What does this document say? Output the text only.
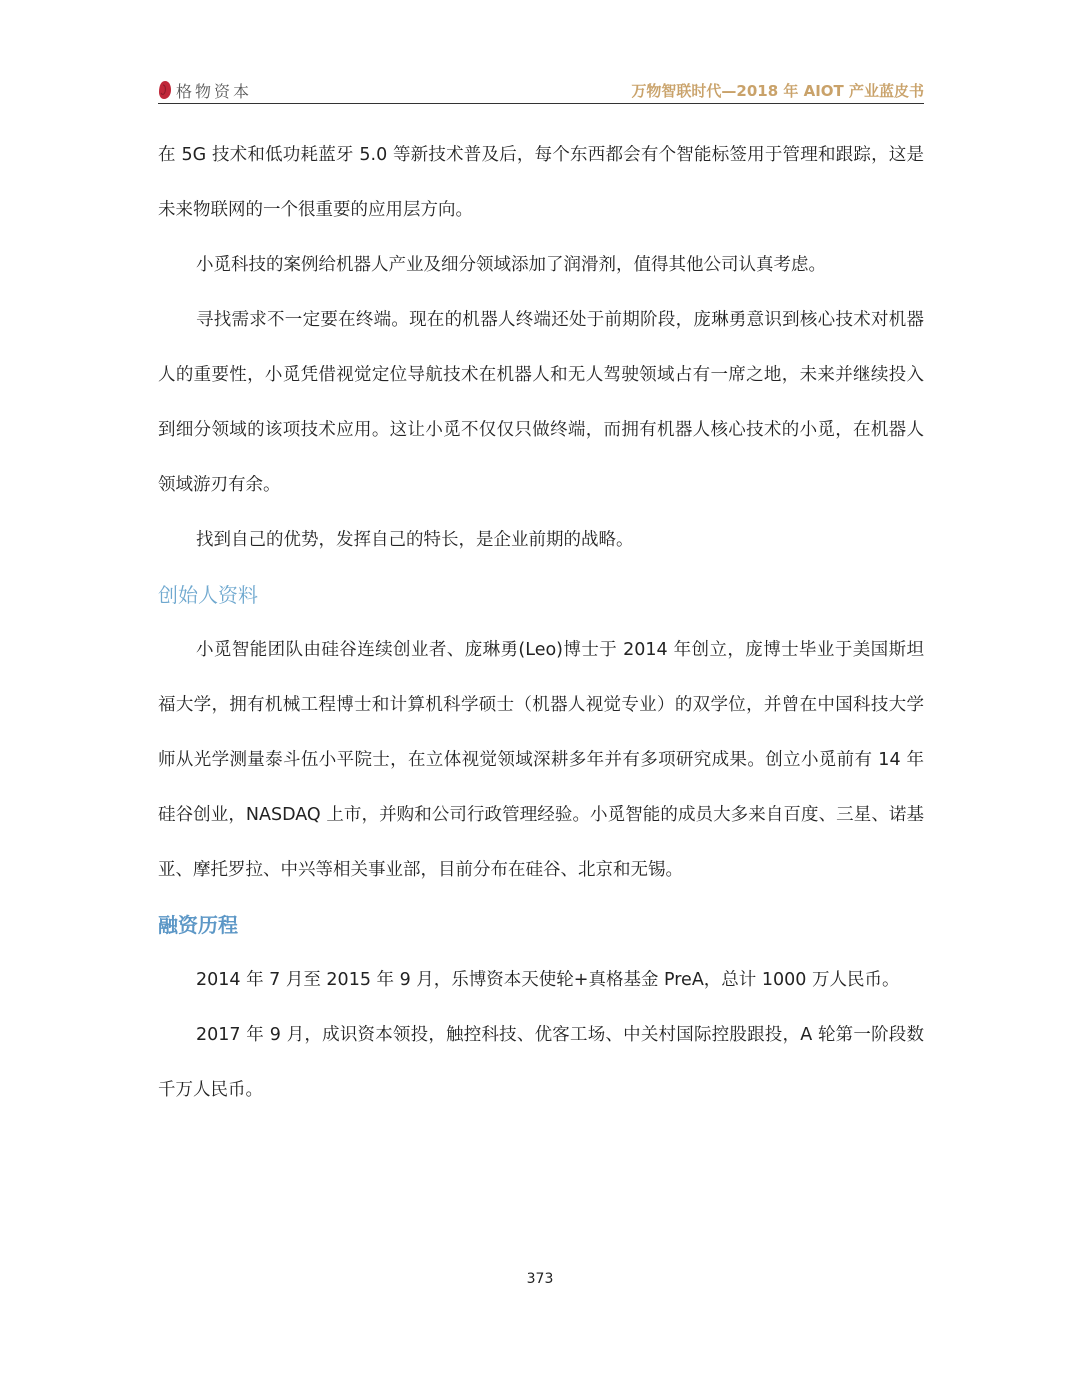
格物资本	万物智联时代—2018 年 AIOT 产业蓝皮书

在 5G 技术和低功耗蓝牙 5.0 等新技术普及后，每个东西都会有个智能标签用于管理和跟踪，这是未来物联网的一个很重要的应用层方向。

小觅科技的案例给机器人产业及细分领域添加了润滑剂，值得其他公司认真考虑。

寻找需求不一定要在终端。现在的机器人终端还处于前期阶段，庞琳勇意识到核心技术对机器人的重要性，小觅凭借视觉定位导航技术在机器人和无人驾驶领域占有一席之地，未来并继续投入到细分领域的该项技术应用。这让小觅不仅仅只做终端，而拥有机器人核心技术的小觅，在机器人领域游刃有余。

找到自己的优势，发挥自己的特长，是企业前期的战略。

创始人资料

小觅智能团队由硅谷连续创业者、庞琳勇(Leo)博士于 2014 年创立，庞博士毕业于美国斯坦福大学，拥有机械工程博士和计算机科学硕士（机器人视觉专业）的双学位，并曾在中国科技大学师从光学测量泰斗伍小平院士，在立体视觉领域深耕多年并有多项研究成果。创立小觅前有 14 年硅谷创业，NASDAQ 上市，并购和公司行政管理经验。小觅智能的成员大多来自百度、三星、诺基亚、摩托罗拉、中兴等相关事业部，目前分布在硅谷、北京和无锡。

融资历程

2014 年 7 月至 2015 年 9 月，乐博资本天使轮+真格基金 PreA，总计 1000 万人民币。

2017 年 9 月，成识资本领投，触控科技、优客工场、中关村国际控股跟投，A 轮第一阶段数千万人民币。

373
